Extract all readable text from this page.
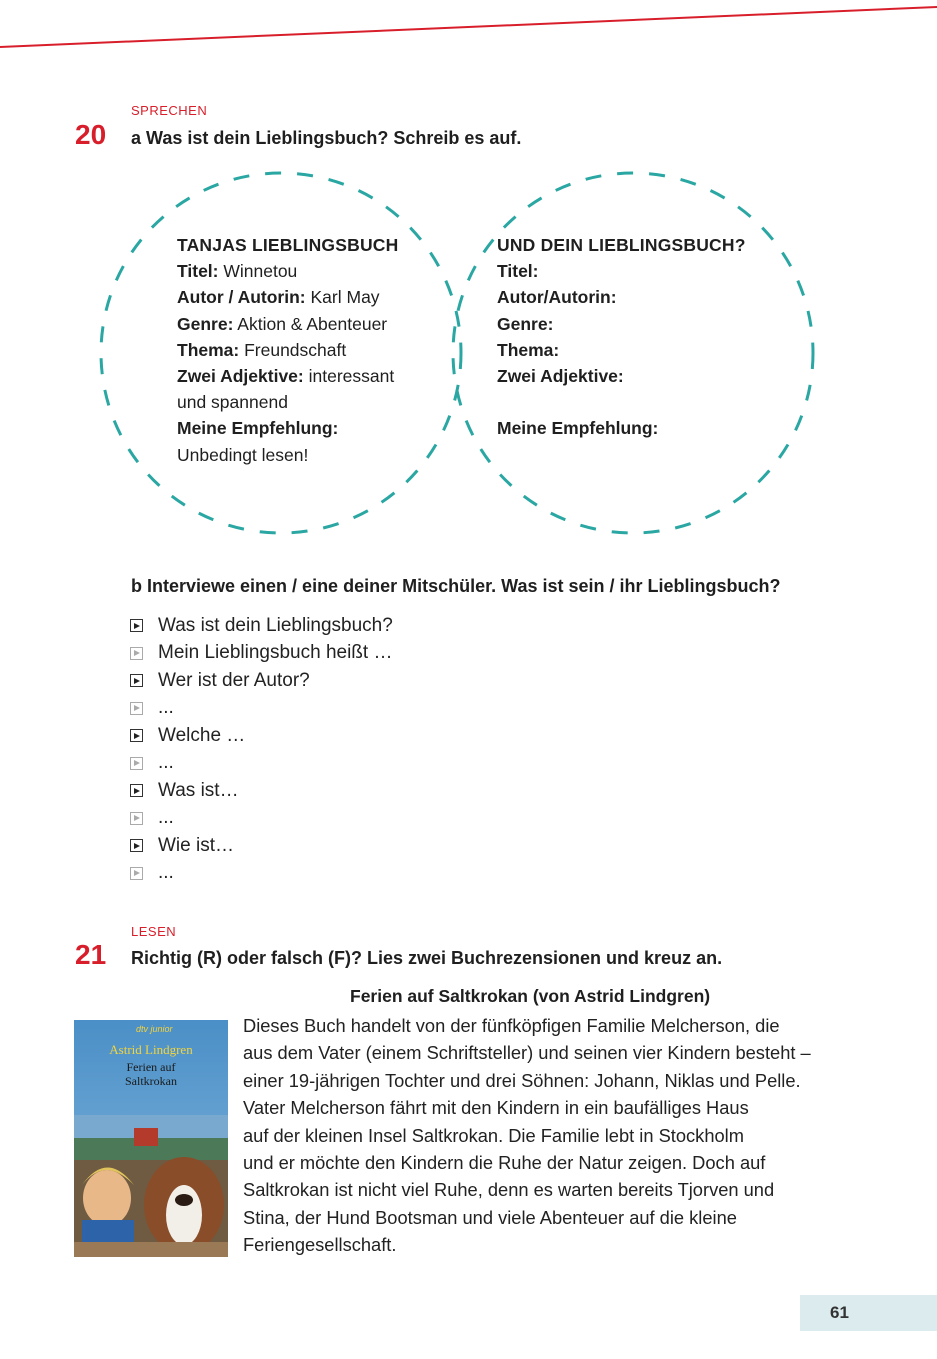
SPRECHEN
20 a Was ist dein Lieblingsbuch? Schreib es auf.
TANJAS LIEBLINGSBUCH
Titel: Winnetou
Autor / Autorin: Karl May
Genre: Aktion & Abenteuer
Thema: Freundschaft
Zwei Adjektive: interessant
und spannend
Meine Empfehlung:
Unbedingt lesen!
UND DEIN LIEBLINGSBUCH?
Titel:
Autor/Autorin:
Genre:
Thema:
Zwei Adjektive:

Meine Empfehlung:
b Interviewe einen / eine deiner Mitschüler. Was ist sein / ihr Lieblingsbuch?
Was ist dein Lieblingsbuch?
Mein Lieblingsbuch heißt …
Wer ist der Autor?
...
Welche …
...
Was ist…
...
Wie ist…
...
LESEN
21 Richtig (R) oder falsch (F)? Lies zwei Buchrezensionen und kreuz an.
Ferien auf Saltkrokan (von Astrid Lindgren)
dtv junior
Astrid Lindgren
Ferien auf
Saltkrokan
Dieses Buch handelt von der fünfköpfigen Familie Melcherson, die
aus dem Vater (einem Schriftsteller) und seinen vier Kindern besteht –
einer 19-jährigen Tochter und drei Söhnen: Johann, Niklas und Pelle.
Vater Melcherson fährt mit den Kindern in ein baufälliges Haus
auf der kleinen Insel Saltkrokan. Die Familie lebt in Stockholm
und er möchte den Kindern die Ruhe der Natur zeigen. Doch auf
Saltkrokan ist nicht viel Ruhe, denn es warten bereits Tjorven und
Stina, der Hund Bootsman und viele Abenteuer auf die kleine
Feriengesellschaft.
61
